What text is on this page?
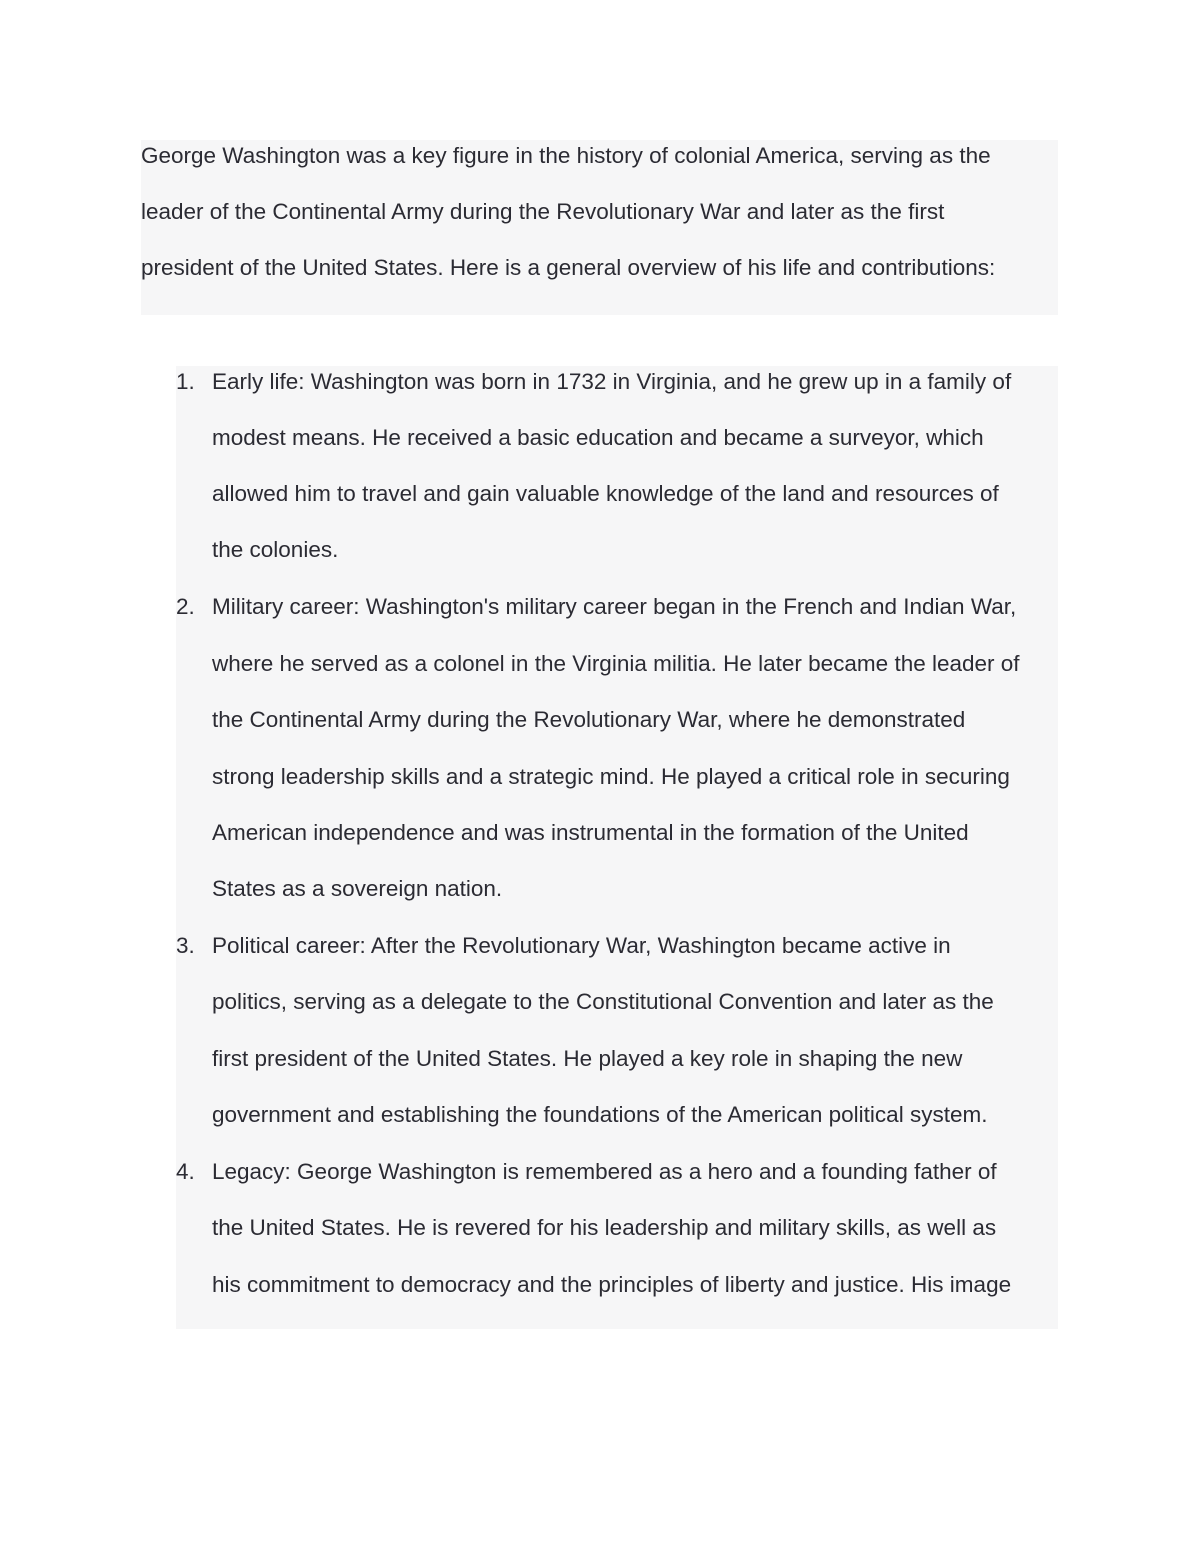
George Washington was a key figure in the history of colonial America, serving as the
leader of the Continental Army during the Revolutionary War and later as the first
president of the United States. Here is a general overview of his life and contributions:
1. Early life: Washington was born in 1732 in Virginia, and he grew up in a family of
modest means. He received a basic education and became a surveyor, which
allowed him to travel and gain valuable knowledge of the land and resources of
the colonies.
2. Military career: Washington's military career began in the French and Indian War,
where he served as a colonel in the Virginia militia. He later became the leader of
the Continental Army during the Revolutionary War, where he demonstrated
strong leadership skills and a strategic mind. He played a critical role in securing
American independence and was instrumental in the formation of the United
States as a sovereign nation.
3. Political career: After the Revolutionary War, Washington became active in
politics, serving as a delegate to the Constitutional Convention and later as the
first president of the United States. He played a key role in shaping the new
government and establishing the foundations of the American political system.
4. Legacy: George Washington is remembered as a hero and a founding father of
the United States. He is revered for his leadership and military skills, as well as
his commitment to democracy and the principles of liberty and justice. His image
